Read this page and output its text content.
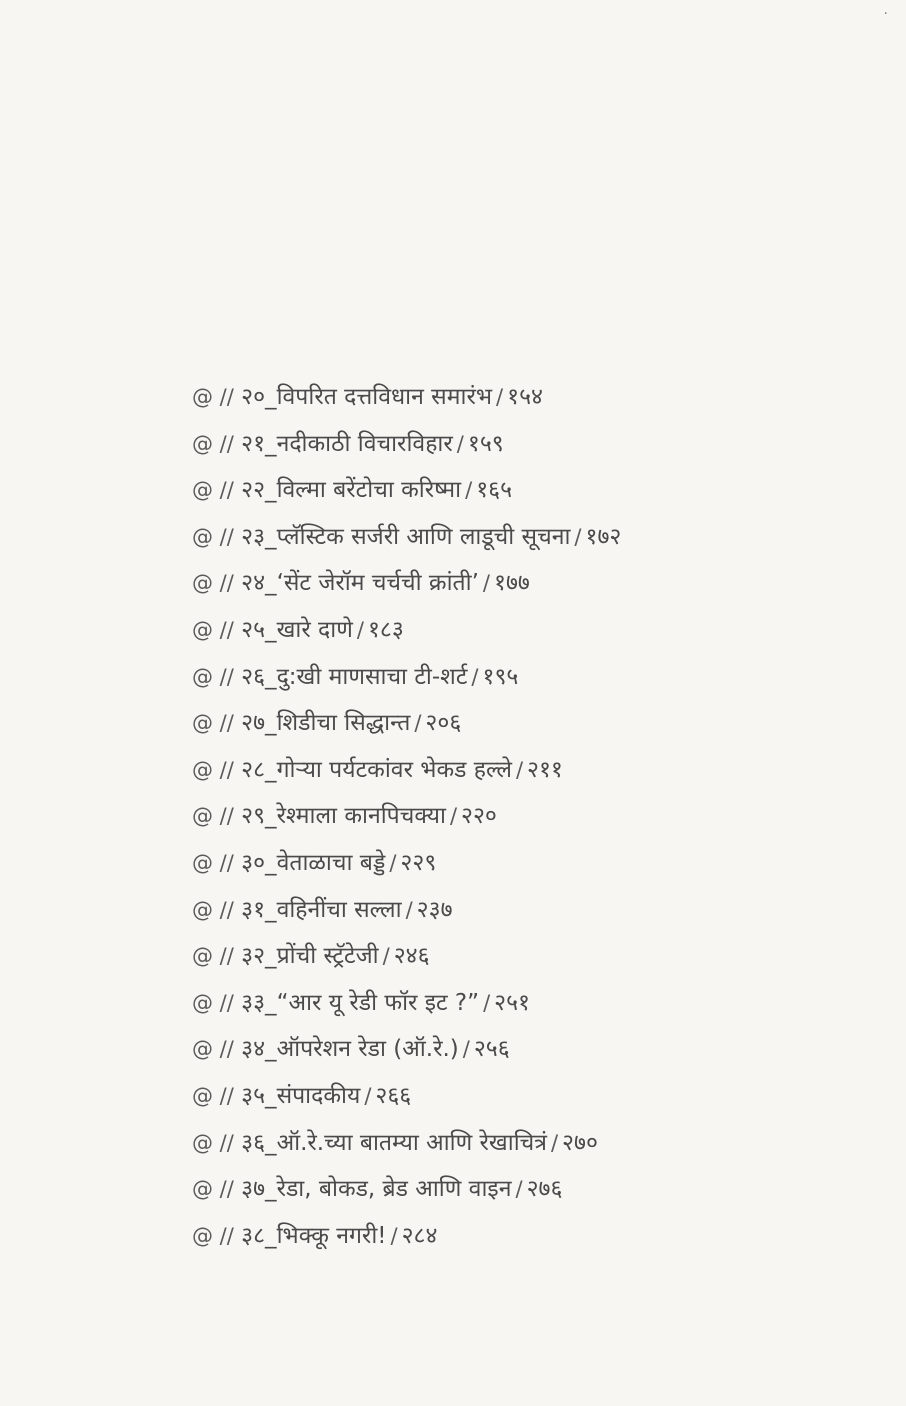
·
@ // २०_विपरित दत्तविधान समारंभ / १५४
@ // २१_नदीकाठी विचारविहार / १५९
@ // २२_विल्मा बरेंटोचा करिष्मा / १६५
@ // २३_प्लॅस्टिक सर्जरी आणि लाडूची सूचना / १७२
@ // २४_‘सेंट जेरॉम चर्चची क्रांती’ / १७७
@ // २५_खारे दाणे / १८३
@ // २६_दु:खी माणसाचा टी-शर्ट / १९५
@ // २७_शिडीचा सिद्धान्त / २०६
@ // २८_गोऱ्या पर्यटकांवर भेकड हल्ले / २११
@ // २९_रेश्माला कानपिचक्या / २२०
@ // ३०_वेताळाचा बड्डे / २२९
@ // ३१_वहिनींचा सल्ला / २३७
@ // ३२_प्रोंची स्ट्रॅटेजी / २४६
@ // ३३_“आर यू रेडी फॉर इट ?” / २५१
@ // ३४_ऑपरेशन रेडा (ऑ.रे.) / २५६
@ // ३५_संपादकीय / २६६
@ // ३६_ऑ.रे.च्या बातम्या आणि रेखाचित्रं / २७०
@ // ३७_रेडा, बोकड, ब्रेड आणि वाइन / २७६
@ // ३८_भिक्कू नगरी! / २८४
